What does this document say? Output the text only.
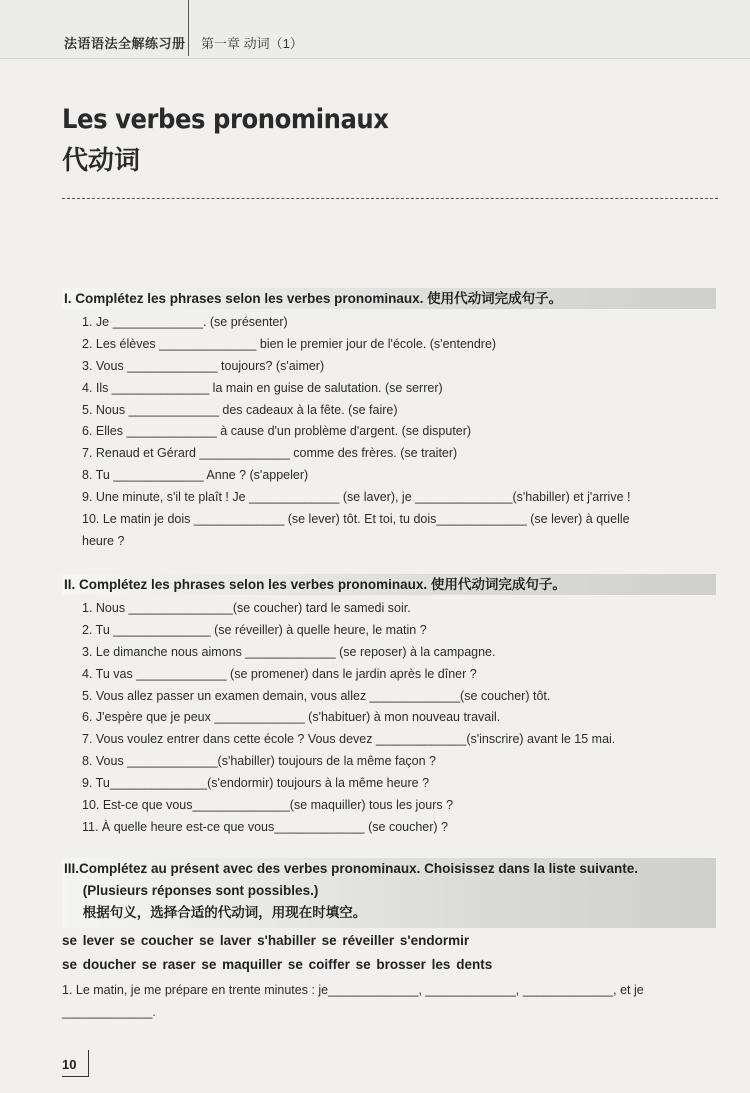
法语语法全解练习册 第一章 动词（1）
Les verbes pronominaux
代动词
I. Complétez les phrases selon les verbes pronominaux. 使用代动词完成句子。
1. Je _____________. (se présenter)
2. Les élèves ______________ bien le premier jour de l'école. (s'entendre)
3. Vous _____________ toujours? (s'aimer)
4. Ils ______________ la main en guise de salutation. (se serrer)
5. Nous _____________ des cadeaux à la fête. (se faire)
6. Elles _____________ à cause d'un problème d'argent. (se disputer)
7. Renaud et Gérard _____________ comme des frères. (se traiter)
8. Tu _____________ Anne ? (s'appeler)
9. Une minute, s'il te plaît ! Je _____________ (se laver), je ______________(s'habiller) et j'arrive !
10. Le matin je dois _____________ (se lever) tôt. Et toi, tu dois_____________ (se lever) à quelle
heure ?
II. Complétez les phrases selon les verbes pronominaux. 使用代动词完成句子。
1. Nous _______________(se coucher) tard le samedi soir.
2. Tu ______________ (se réveiller) à quelle heure, le matin ?
3. Le dimanche nous aimons _____________ (se reposer) à la campagne.
4. Tu vas _____________ (se promener) dans le jardin après le dîner ?
5. Vous allez passer un examen demain, vous allez _____________(se coucher) tôt.
6. J'espère que je peux _____________ (s'habituer) à mon nouveau travail.
7. Vous voulez entrer dans cette école ? Vous devez _____________(s'inscrire) avant le 15 mai.
8. Vous _____________(s'habiller) toujours de la même façon ?
9. Tu______________(s'endormir) toujours à la même heure ?
10. Est-ce que vous______________(se maquiller) tous les jours ?
11. À quelle heure est-ce que vous_____________ (se coucher) ?
III.Complétez au présent avec des verbes pronominaux. Choisissez dans la liste suivante.
(Plusieurs réponses sont possibles.)
根据句义，选择合适的代动词，用现在时填空。
se lever se coucher se laver s'habiller se réveiller s'endormir
se doucher se raser se maquiller se coiffer se brosser les dents
1. Le matin, je me prépare en trente minutes : je_____________, _____________, _____________, et je
_____________.
10
